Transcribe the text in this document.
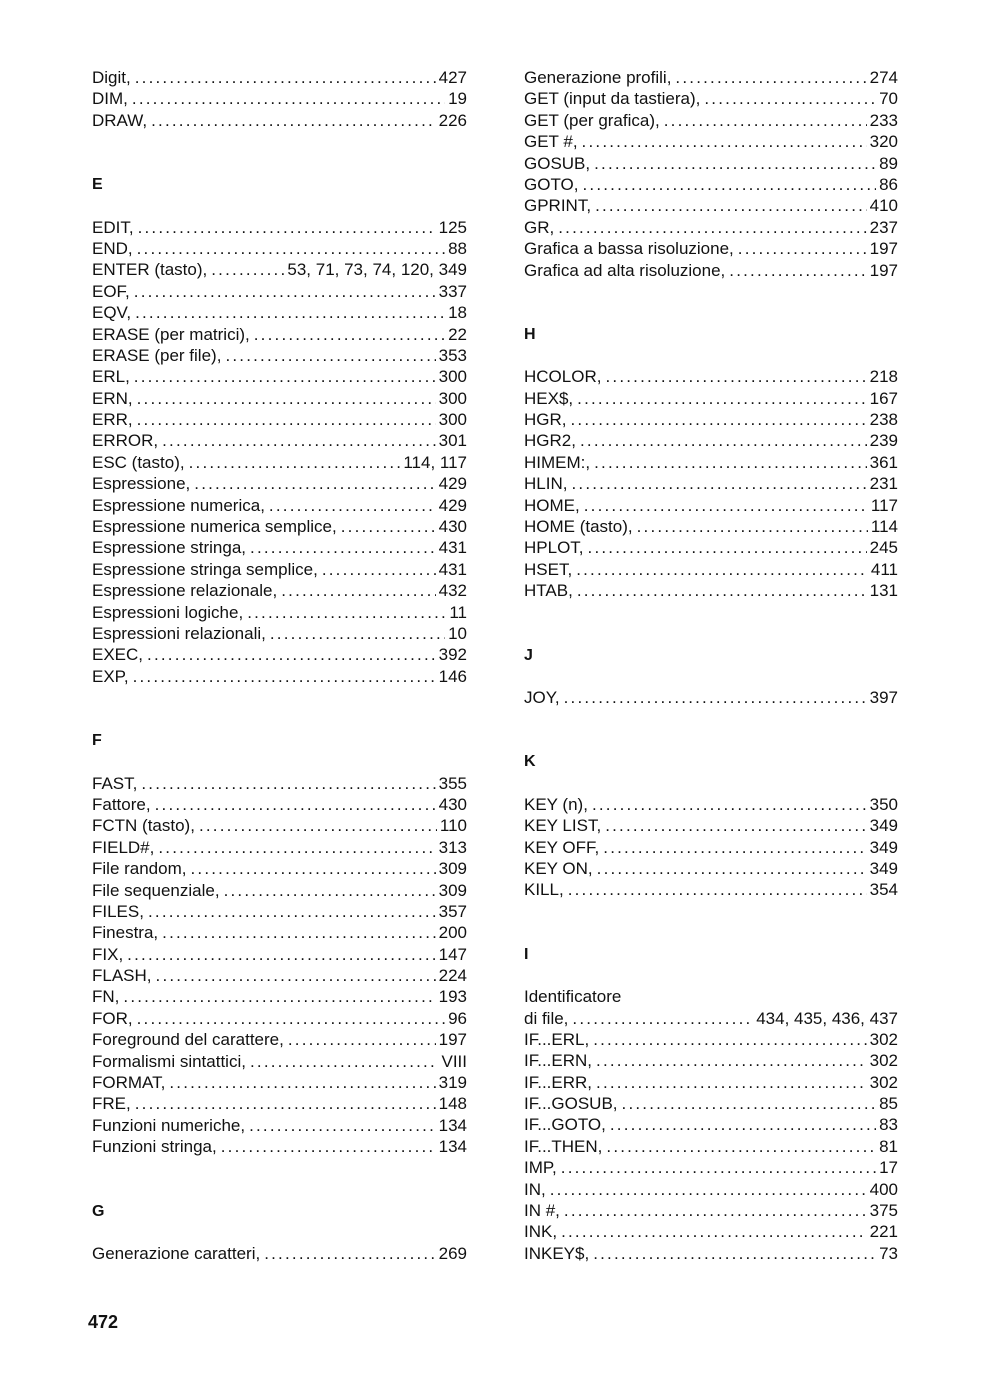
Digit, .....	427
DIM, .....	19
DRAW, .....	226
E
EDIT, .....	125
END, .....	88
ENTER (tasto), .....	53, 71, 73, 74, 120, 349
EOF, .....	337
EQV, .....	18
ERASE (per matrici), .....	22
ERASE (per file), .....	353
ERL, .....	300
ERN, .....	300
ERR, .....	300
ERROR, .....	301
ESC (tasto), .....	114, 117
Espressione, .....	429
Espressione numerica, .....	429
Espressione numerica semplice, .....	430
Espressione stringa, .....	431
Espressione stringa semplice, .....	431
Espressione relazionale, .....	432
Espressioni logiche, .....	11
Espressioni relazionali, .....	10
EXEC, .....	392
EXP, .....	146
F
FAST, .....	355
Fattore, .....	430
FCTN (tasto), .....	110
FIELD#, .....	313
File random, .....	309
File sequenziale, .....	309
FILES, .....	357
Finestra, .....	200
FIX, .....	147
FLASH, .....	224
FN, .....	193
FOR, .....	96
Foreground del carattere, .....	197
Formalismi sintattici, .....	VIII
FORMAT, .....	319
FRE, .....	148
Funzioni numeriche, .....	134
Funzioni stringa, .....	134
G
Generazione caratteri, .....	269
Generazione profili, .....	274
GET (input da tastiera), .....	70
GET (per grafica), .....	233
GET #, .....	320
GOSUB, .....	89
GOTO, .....	86
GPRINT, .....	410
GR, .....	237
Grafica a bassa risoluzione, .....	197
Grafica ad alta risoluzione, .....	197
H
HCOLOR, .....	218
HEX$, .....	167
HGR, .....	238
HGR2, .....	239
HIMEM:, .....	361
HLIN, .....	231
HOME, .....	117
HOME (tasto), .....	114
HPLOT, .....	245
HSET, .....	411
HTAB, .....	131
J
JOY, .....	397
K
KEY (n), .....	350
KEY LIST, .....	349
KEY OFF, .....	349
KEY ON, .....	349
KILL, .....	354
I
Identificatore
di file, .....	434, 435, 436, 437
IF...ERL, .....	302
IF...ERN, .....	302
IF...ERR, .....	302
IF...GOSUB, .....	85
IF...GOTO, .....	83
IF...THEN, .....	81
IMP, .....	17
IN, .....	400
IN #, .....	375
INK, .....	221
INKEY$, .....	73
472
